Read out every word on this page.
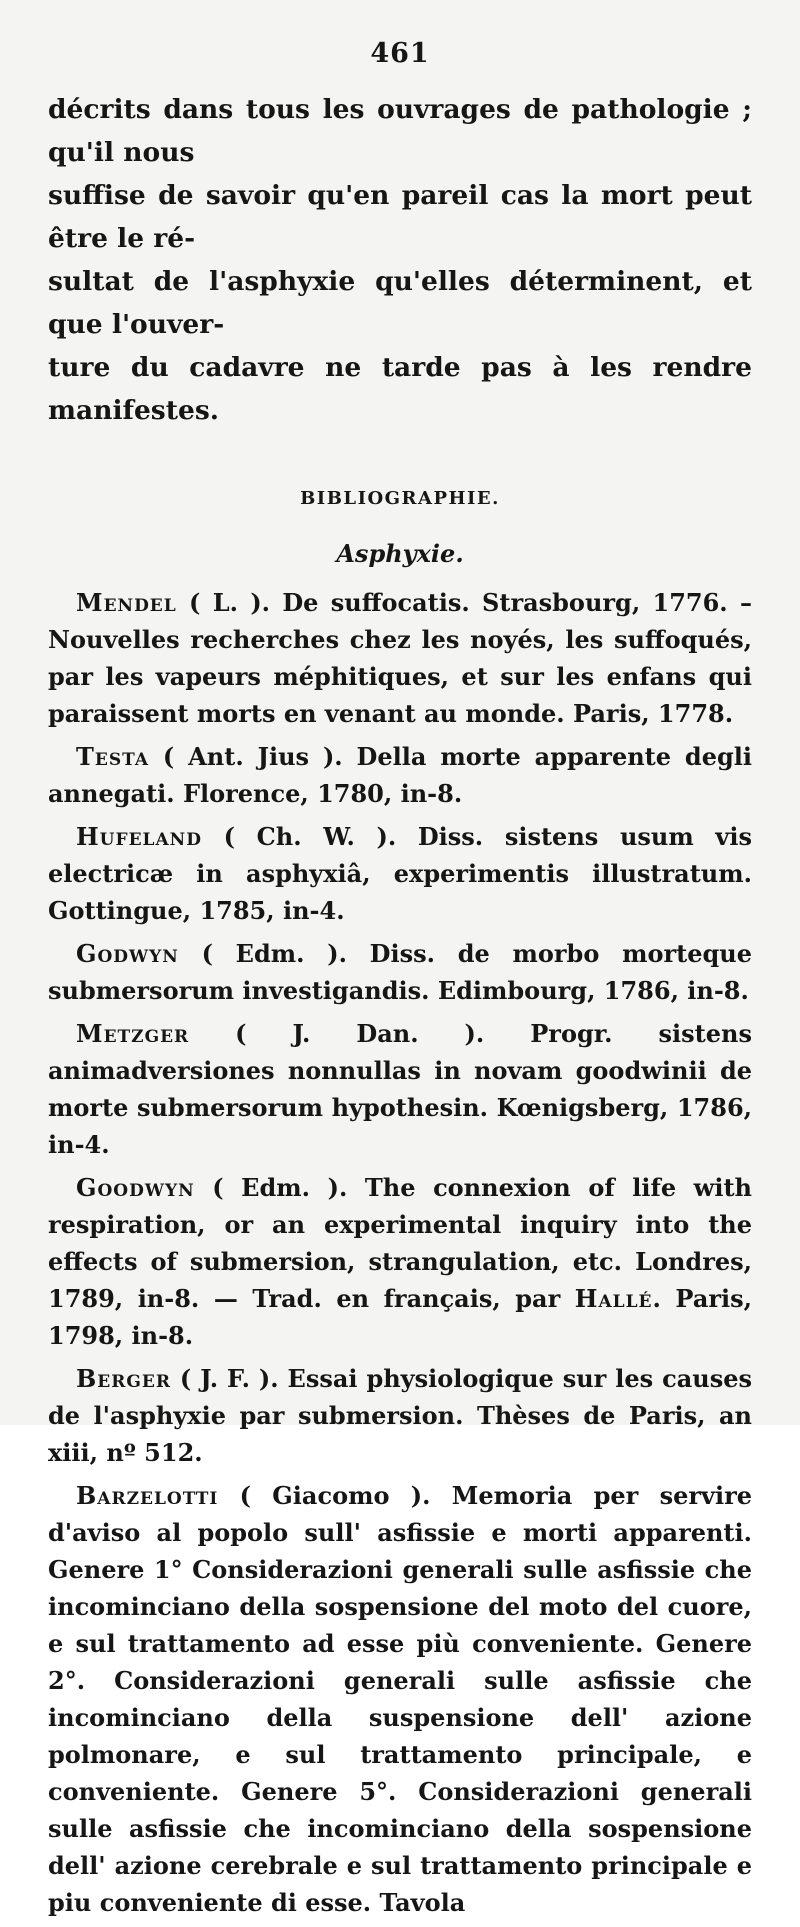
461

décrits dans tous les ouvrages de pathologie ; qu'il nous

suffise de savoir qu'en pareil cas la mort peut être le ré-

sultat de l'asphyxie qu'elles déterminent, et que l'ouver-

ture du cadavre ne tarde pas à les rendre manifestes.

BIBLIOGRAPHIE.
Asphyxie.

Mendel ( L. ). De suffocatis. Strasbourg, 1776. – Nouvelles recherches chez les noyés, les suffoqués, par les vapeurs méphitiques, et sur les enfans qui paraissent morts en venant au monde. Paris, 1778.

Testa ( Ant. Jius ). Della morte apparente degli annegati. Florence, 1780, in-8.

Hufeland ( Ch. W. ). Diss. sistens usum vis electricæ in asphyxiâ, experimentis illustratum. Gottingue, 1785, in-4.

Godwyn ( Edm. ). Diss. de morbo morteque submersorum investigandis. Edimbourg, 1786, in-8.

Metzger ( J. Dan. ). Progr. sistens animadversiones nonnullas in novam goodwinii de morte submersorum hypothesin. Kœnigsberg, 1786, in-4.

Goodwyn ( Edm. ). The connexion of life with respiration, or an experimental inquiry into the effects of submersion, strangulation, etc. Londres, 1789, in-8. — Trad. en français, par Hallé. Paris, 1798, in-8.

Berger ( J. F. ). Essai physiologique sur les causes de l'asphyxie par submersion. Thèses de Paris, an xiii, nº 512.

Barzelotti ( Giacomo ). Memoria per servire d'aviso al popolo sull' asfissie e morti apparenti. Genere 1° Considerazioni generali sulle asfissie che incominciano della sospensione del moto del cuore, e sul trattamento ad esse più conveniente. Genere 2°. Considerazioni generali sulle asfissie che incominciano della suspensione dell' azione polmonare, e sul trattamento principale, e conveniente. Genere 5°. Considerazioni generali sulle asfissie che incominciano della sospensione dell' azione cerebrale e sul trattamento principale e piu conveniente di esse. Tavola
